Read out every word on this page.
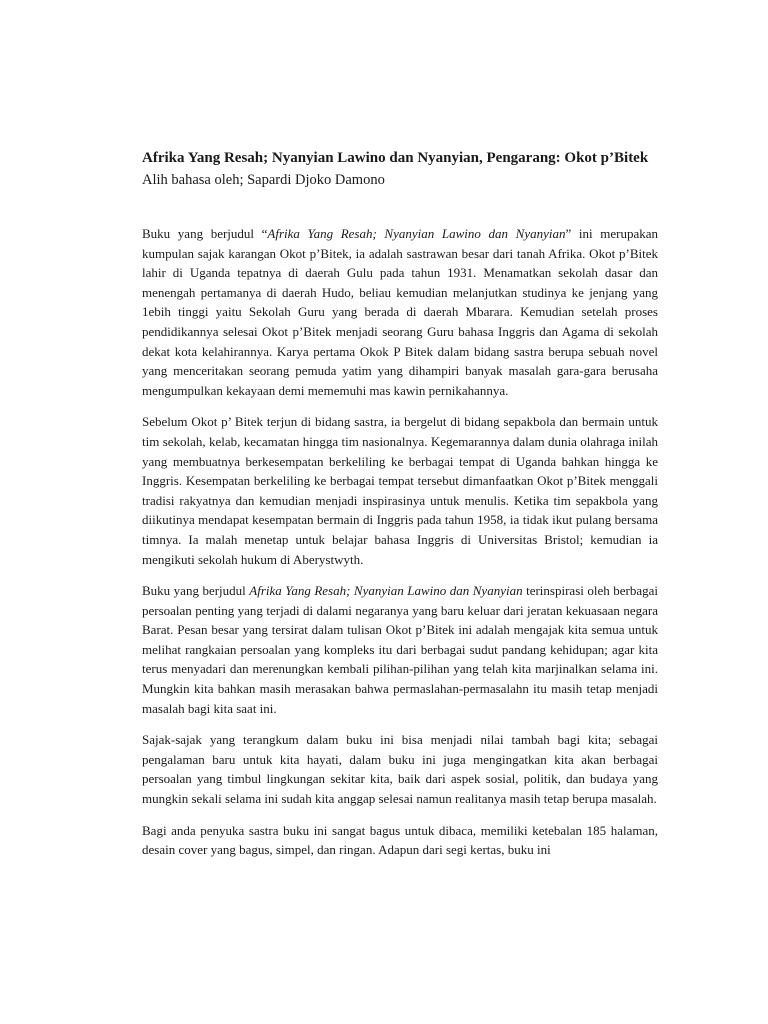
Afrika Yang Resah; Nyanyian Lawino dan Nyanyian, Pengarang: Okot p’Bitek
Alih bahasa oleh; Sapardi Djoko Damono

Buku yang berjudul “Afrika Yang Resah; Nyanyian Lawino dan Nyanyian” ini merupakan kumpulan sajak karangan Okot p’Bitek, ia adalah sastrawan besar dari tanah Afrika. Okot p’Bitek lahir di Uganda tepatnya di daerah Gulu pada tahun 1931. Menamatkan sekolah dasar dan menengah pertamanya di daerah Hudo, beliau kemudian melanjutkan studinya ke jenjang yang 1ebih tinggi yaitu Sekolah Guru yang berada di daerah Mbarara. Kemudian setelah proses pendidikannya selesai Okot p’Bitek menjadi seorang Guru bahasa Inggris dan Agama di sekolah dekat kota kelahirannya. Karya pertama Okok P Bitek dalam bidang sastra berupa sebuah novel yang menceritakan seorang pemuda yatim yang dihampiri banyak masalah gara-gara berusaha mengumpulkan kekayaan demi mememuhi mas kawin pernikahannya.

Sebelum Okot p’ Bitek terjun di bidang sastra, ia bergelut di bidang sepakbola dan bermain untuk tim sekolah, kelab, kecamatan hingga tim nasionalnya. Kegemarannya dalam dunia olahraga inilah yang membuatnya berkesempatan berkeliling ke berbagai tempat di Uganda bahkan hingga ke Inggris. Kesempatan berkeliling ke berbagai tempat tersebut dimanfaatkan Okot p’Bitek menggali tradisi rakyatnya dan kemudian menjadi inspirasinya untuk menulis. Ketika tim sepakbola yang diikutinya mendapat kesempatan bermain di Inggris pada tahun 1958, ia tidak ikut pulang bersama timnya. Ia malah menetap untuk belajar bahasa Inggris di Universitas Bristol; kemudian ia mengikuti sekolah hukum di Aberystwyth.

Buku yang berjudul Afrika Yang Resah; Nyanyian Lawino dan Nyanyian terinspirasi oleh berbagai persoalan penting yang terjadi di dalami negaranya yang baru keluar dari jeratan kekuasaan negara Barat. Pesan besar yang tersirat dalam tulisan Okot p’Bitek ini adalah mengajak kita semua untuk melihat rangkaian persoalan yang kompleks itu dari berbagai sudut pandang kehidupan; agar kita terus menyadari dan merenungkan kembali pilihan-pilihan yang telah kita marjinalkan selama ini. Mungkin kita bahkan masih merasakan bahwa permaslahan-permasalahn itu masih tetap menjadi masalah bagi kita saat ini.

Sajak-sajak yang terangkum dalam buku ini bisa menjadi nilai tambah bagi kita; sebagai pengalaman baru untuk kita hayati, dalam buku ini juga mengingatkan kita akan berbagai persoalan yang timbul lingkungan sekitar kita, baik dari aspek sosial, politik, dan budaya yang mungkin sekali selama ini sudah kita anggap selesai namun realitanya masih tetap berupa masalah.

Bagi anda penyuka sastra buku ini sangat bagus untuk dibaca, memiliki ketebalan 185 halaman, desain cover yang bagus, simpel, dan ringan. Adapun dari segi kertas, buku ini
